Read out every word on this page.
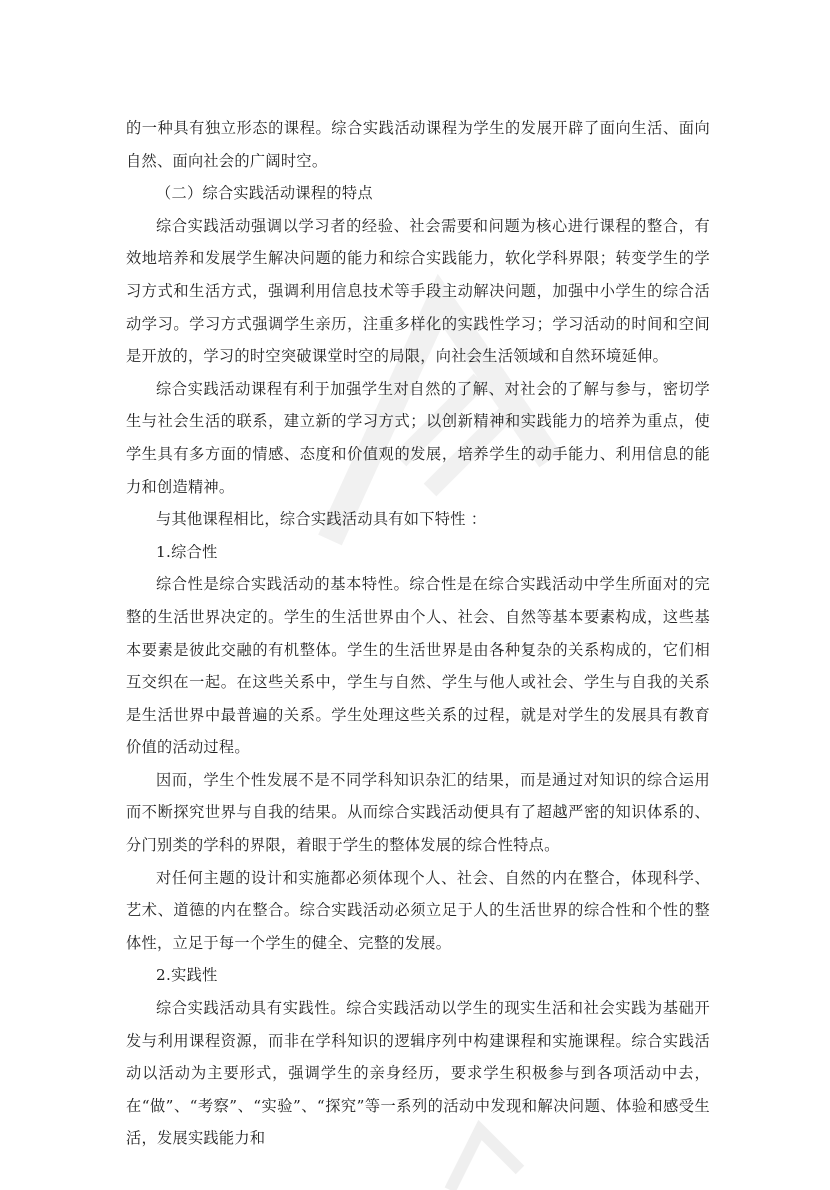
的一种具有独立形态的课程。综合实践活动课程为学生的发展开辟了面向生活、面向自然、面向社会的广阔时空。

（二）综合实践活动课程的特点

综合实践活动强调以学习者的经验、社会需要和问题为核心进行课程的整合，有效地培养和发展学生解决问题的能力和综合实践能力，软化学科界限；转变学生的学习方式和生活方式，强调利用信息技术等手段主动解决问题，加强中小学生的综合活动学习。学习方式强调学生亲历，注重多样化的实践性学习；学习活动的时间和空间是开放的，学习的时空突破课堂时空的局限，向社会生活领域和自然环境延伸。

综合实践活动课程有利于加强学生对自然的了解、对社会的了解与参与，密切学生与社会生活的联系，建立新的学习方式；以创新精神和实践能力的培养为重点，使学生具有多方面的情感、态度和价值观的发展，培养学生的动手能力、利用信息的能力和创造精神。

与其他课程相比，综合实践活动具有如下特性 ：

1.综合性

综合性是综合实践活动的基本特性。综合性是在综合实践活动中学生所面对的完整的生活世界决定的。学生的生活世界由个人、社会、自然等基本要素构成，这些基本要素是彼此交融的有机整体。学生的生活世界是由各种复杂的关系构成的，它们相互交织在一起。在这些关系中，学生与自然、学生与他人或社会、学生与自我的关系是生活世界中最普遍的关系。学生处理这些关系的过程，就是对学生的发展具有教育价值的活动过程。

因而，学生个性发展不是不同学科知识杂汇的结果，而是通过对知识的综合运用而不断探究世界与自我的结果。从而综合实践活动便具有了超越严密的知识体系的、分门别类的学科的界限，着眼于学生的整体发展的综合性特点。

对任何主题的设计和实施都必须体现个人、社会、自然的内在整合，体现科学、艺术、道德的内在整合。综合实践活动必须立足于人的生活世界的综合性和个性的整体性，立足于每一个学生的健全、完整的发展。

2.实践性

综合实践活动具有实践性。综合实践活动以学生的现实生活和社会实践为基础开发与利用课程资源，而非在学科知识的逻辑序列中构建课程和实施课程。综合实践活动以活动为主要形式，强调学生的亲身经历，要求学生积极参与到各项活动中去，在“做”、“考察”、“实验”、“探究”等一系列的活动中发现和解决问题、体验和感受生活，发展实践能力和
